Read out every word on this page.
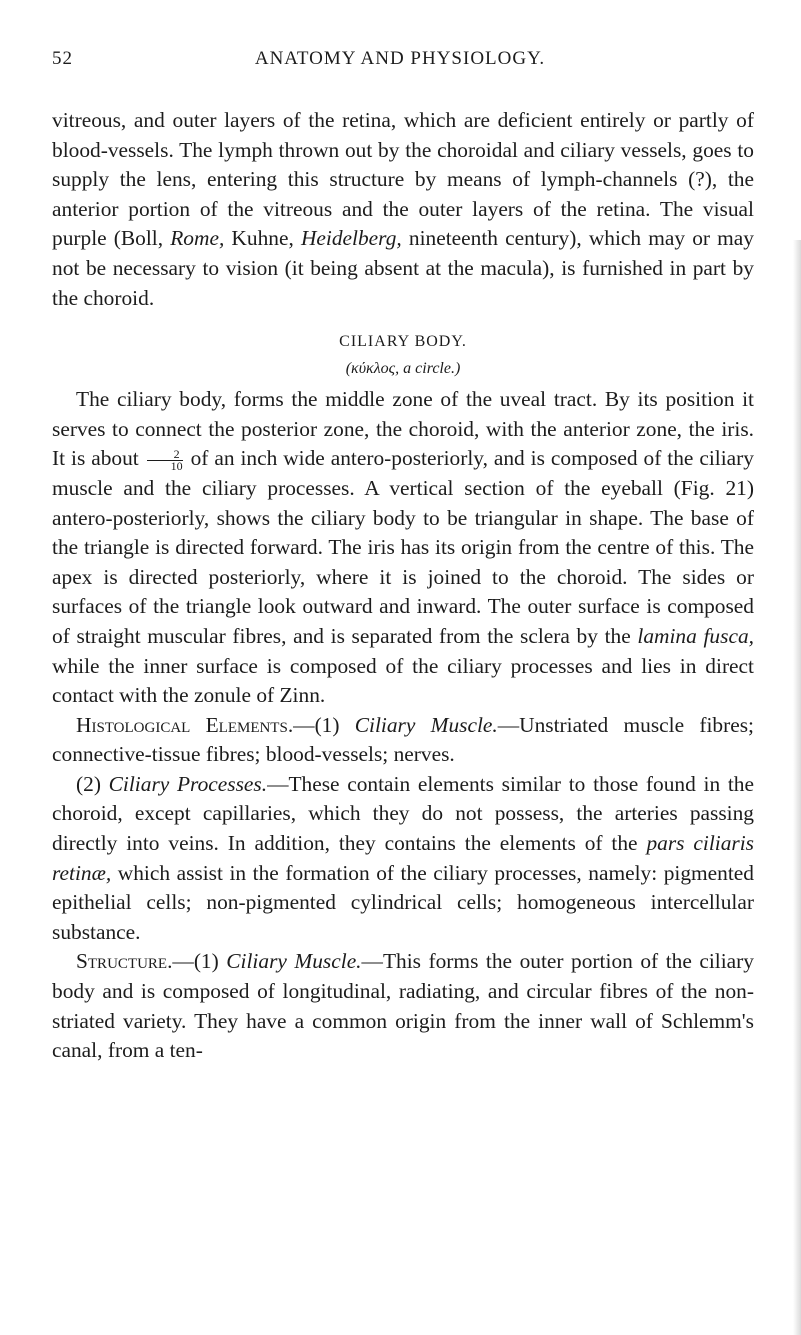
52	ANATOMY AND PHYSIOLOGY.

vitreous, and outer layers of the retina, which are deficient entirely or partly of blood-vessels. The lymph thrown out by the choroidal and ciliary vessels, goes to supply the lens, entering this structure by means of lymph-channels (?), the anterior portion of the vitreous and the outer layers of the retina. The visual purple (Boll, Rome, Kuhne, Heidelberg, nineteenth century), which may or may not be necessary to vision (it being absent at the macula), is furnished in part by the choroid.

CILIARY BODY.
(κύκλος, a circle.)

The ciliary body, forms the middle zone of the uveal tract. By its position it serves to connect the posterior zone, the choroid, with the anterior zone, the iris. It is about $\frac{2}{10}$ of an inch wide antero-posteriorly, and is composed of the ciliary muscle and the ciliary processes. A vertical section of the eyeball (Fig. 21) antero-posteriorly, shows the ciliary body to be triangular in shape. The base of the triangle is directed forward. The iris has its origin from the centre of this. The apex is directed posteriorly, where it is joined to the choroid. The sides or surfaces of the triangle look outward and inward. The outer surface is composed of straight muscular fibres, and is separated from the sclera by the lamina fusca, while the inner surface is composed of the ciliary processes and lies in direct contact with the zonule of Zinn.

Histological Elements.—(1) Ciliary Muscle.—Unstriated muscle fibres; connective-tissue fibres; blood-vessels; nerves.

(2) Ciliary Processes.—These contain elements similar to those found in the choroid, except capillaries, which they do not possess, the arteries passing directly into veins. In addition, they contains the elements of the pars ciliaris retinæ, which assist in the formation of the ciliary processes, namely: pigmented epithelial cells; non-pigmented cylindrical cells; homogeneous intercellular substance.

Structure.—(1) Ciliary Muscle.—This forms the outer portion of the ciliary body and is composed of longitudinal, radiating, and circular fibres of the non-striated variety. They have a common origin from the inner wall of Schlemm's canal, from a ten-
